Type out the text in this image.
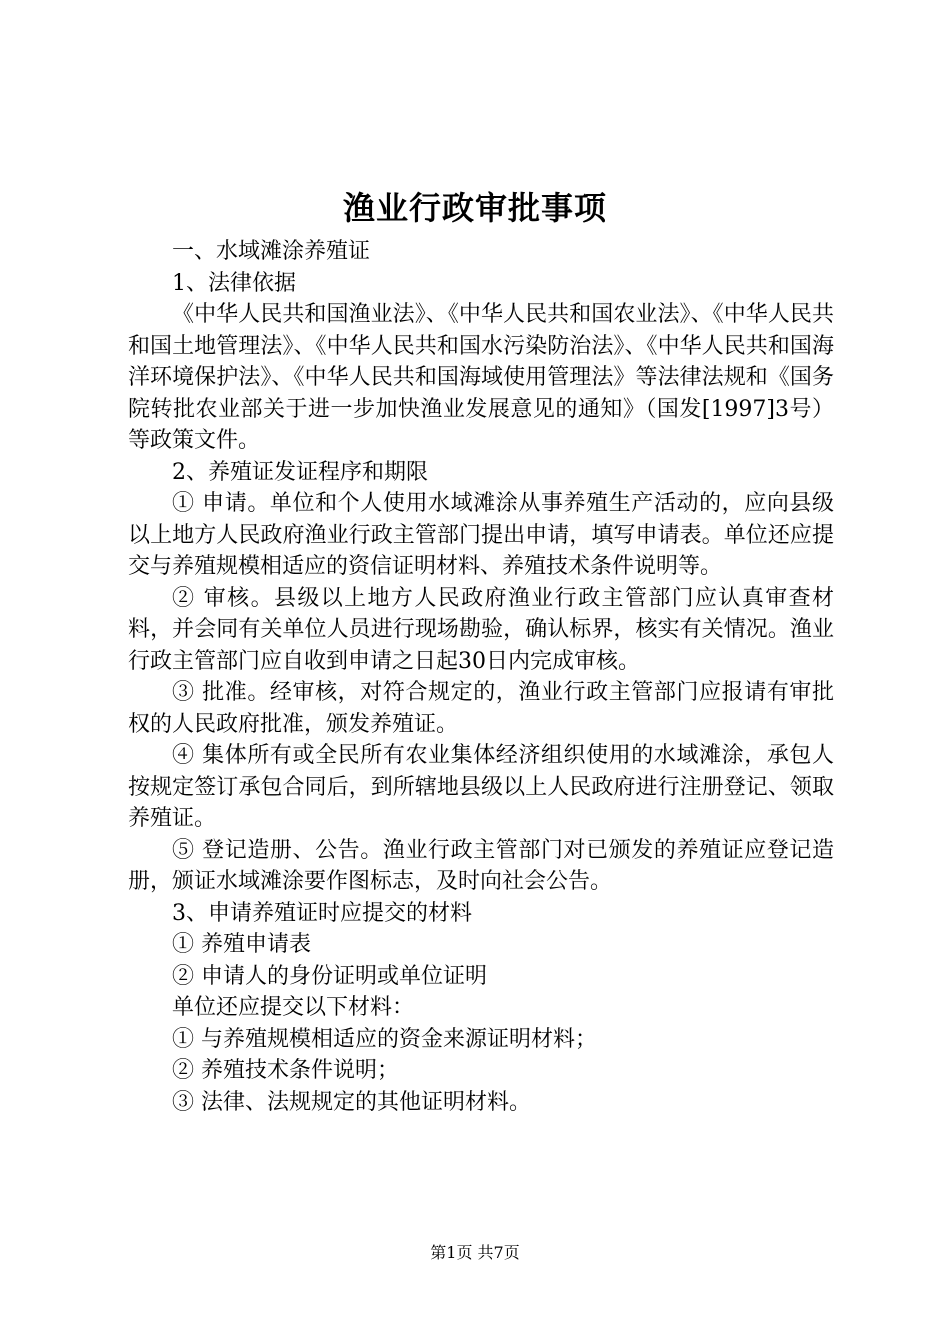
渔业行政审批事项

一、水域滩涂养殖证

1、法律依据

《中华人民共和国渔业法》、《中华人民共和国农业法》、《中华人民共和国土地管理法》、《中华人民共和国水污染防治法》、《中华人民共和国海洋环境保护法》、《中华人民共和国海域使用管理法》等法律法规和《国务院转批农业部关于进一步加快渔业发展意见的通知》（国发[1997]3号）等政策文件。

2、养殖证发证程序和期限

① 申请。单位和个人使用水域滩涂从事养殖生产活动的，应向县级以上地方人民政府渔业行政主管部门提出申请，填写申请表。单位还应提交与养殖规模相适应的资信证明材料、养殖技术条件说明等。

② 审核。县级以上地方人民政府渔业行政主管部门应认真审查材料，并会同有关单位人员进行现场勘验，确认标界，核实有关情况。渔业行政主管部门应自收到申请之日起30日内完成审核。

③ 批准。经审核，对符合规定的，渔业行政主管部门应报请有审批权的人民政府批准，颁发养殖证。

④ 集体所有或全民所有农业集体经济组织使用的水域滩涂，承包人按规定签订承包合同后，到所辖地县级以上人民政府进行注册登记、领取养殖证。

⑤ 登记造册、公告。渔业行政主管部门对已颁发的养殖证应登记造册，颁证水域滩涂要作图标志，及时向社会公告。

3、申请养殖证时应提交的材料

① 养殖申请表

② 申请人的身份证明或单位证明

单位还应提交以下材料：

① 与养殖规模相适应的资金来源证明材料；

② 养殖技术条件说明；

③ 法律、法规规定的其他证明材料。

第1页 共7页
